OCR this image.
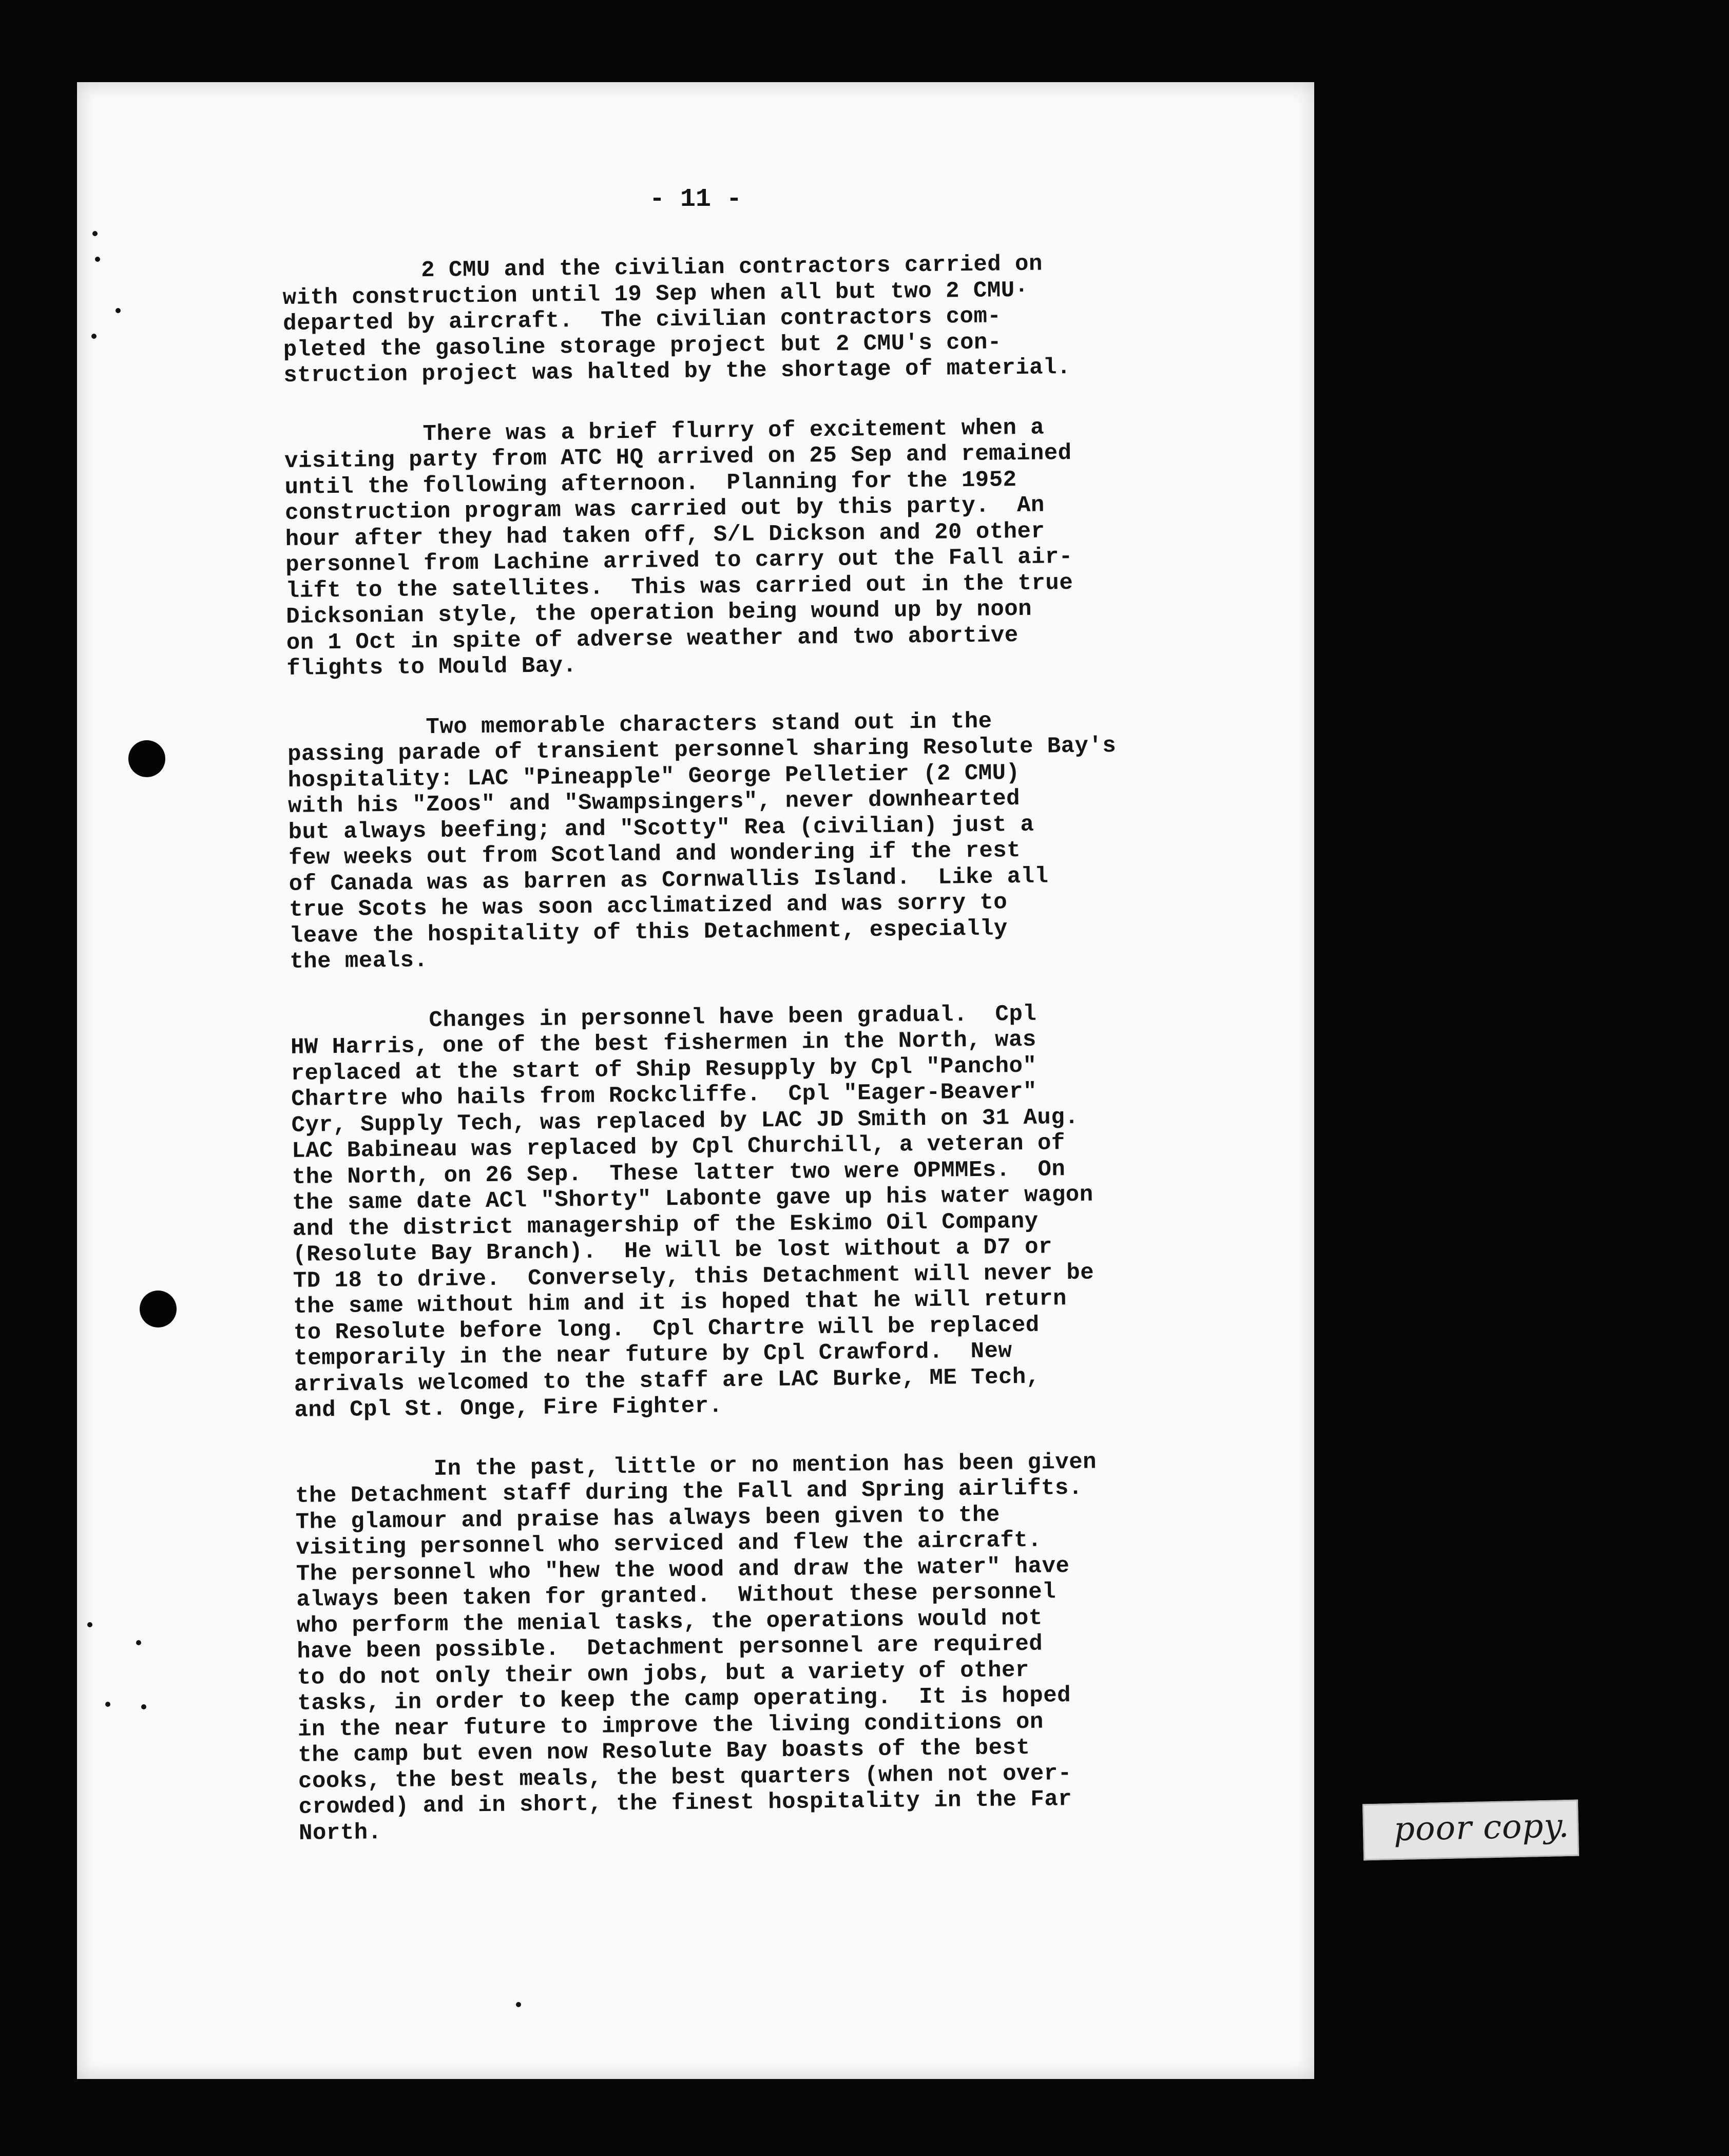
- 11 -
2 CMU and the civilian contractors carried on
with construction until 19 Sep when all but two 2 CMU·
departed by aircraft.  The civilian contractors com-
pleted the gasoline storage project but 2 CMU's con-
struction project was halted by the shortage of material.
There was a brief flurry of excitement when a
visiting party from ATC HQ arrived on 25 Sep and remained
until the following afternoon.  Planning for the 1952
construction program was carried out by this party.  An
hour after they had taken off, S/L Dickson and 20 other
personnel from Lachine arrived to carry out the Fall air-
lift to the satellites.  This was carried out in the true
Dicksonian style, the operation being wound up by noon
on 1 Oct in spite of adverse weather and two abortive
flights to Mould Bay.
Two memorable characters stand out in the
passing parade of transient personnel sharing Resolute Bay's
hospitality: LAC "Pineapple" George Pelletier (2 CMU)
with his "Zoos" and "Swampsingers", never downhearted
but always beefing; and "Scotty" Rea (civilian) just a
few weeks out from Scotland and wondering if the rest
of Canada was as barren as Cornwallis Island.  Like all
true Scots he was soon acclimatized and was sorry to
leave the hospitality of this Detachment, especially
the meals.
Changes in personnel have been gradual.  Cpl
HW Harris, one of the best fishermen in the North, was
replaced at the start of Ship Resupply by Cpl "Pancho"
Chartre who hails from Rockcliffe.  Cpl "Eager-Beaver"
Cyr, Supply Tech, was replaced by LAC JD Smith on 31 Aug.
LAC Babineau was replaced by Cpl Churchill, a veteran of
the North, on 26 Sep.  These latter two were OPMMEs.  On
the same date ACl "Shorty" Labonte gave up his water wagon
and the district managership of the Eskimo Oil Company
(Resolute Bay Branch).  He will be lost without a D7 or
TD 18 to drive.  Conversely, this Detachment will never be
the same without him and it is hoped that he will return
to Resolute before long.  Cpl Chartre will be replaced
temporarily in the near future by Cpl Crawford.  New
arrivals welcomed to the staff are LAC Burke, ME Tech,
and Cpl St. Onge, Fire Fighter.
In the past, little or no mention has been given
the Detachment staff during the Fall and Spring airlifts.
The glamour and praise has always been given to the
visiting personnel who serviced and flew the aircraft.
The personnel who "hew the wood and draw the water" have
always been taken for granted.  Without these personnel
who perform the menial tasks, the operations would not
have been possible.  Detachment personnel are required
to do not only their own jobs, but a variety of other
tasks, in order to keep the camp operating.  It is hoped
in the near future to improve the living conditions on
the camp but even now Resolute Bay boasts of the best
cooks, the best meals, the best quarters (when not over-
crowded) and in short, the finest hospitality in the Far
North.	poor copy.
